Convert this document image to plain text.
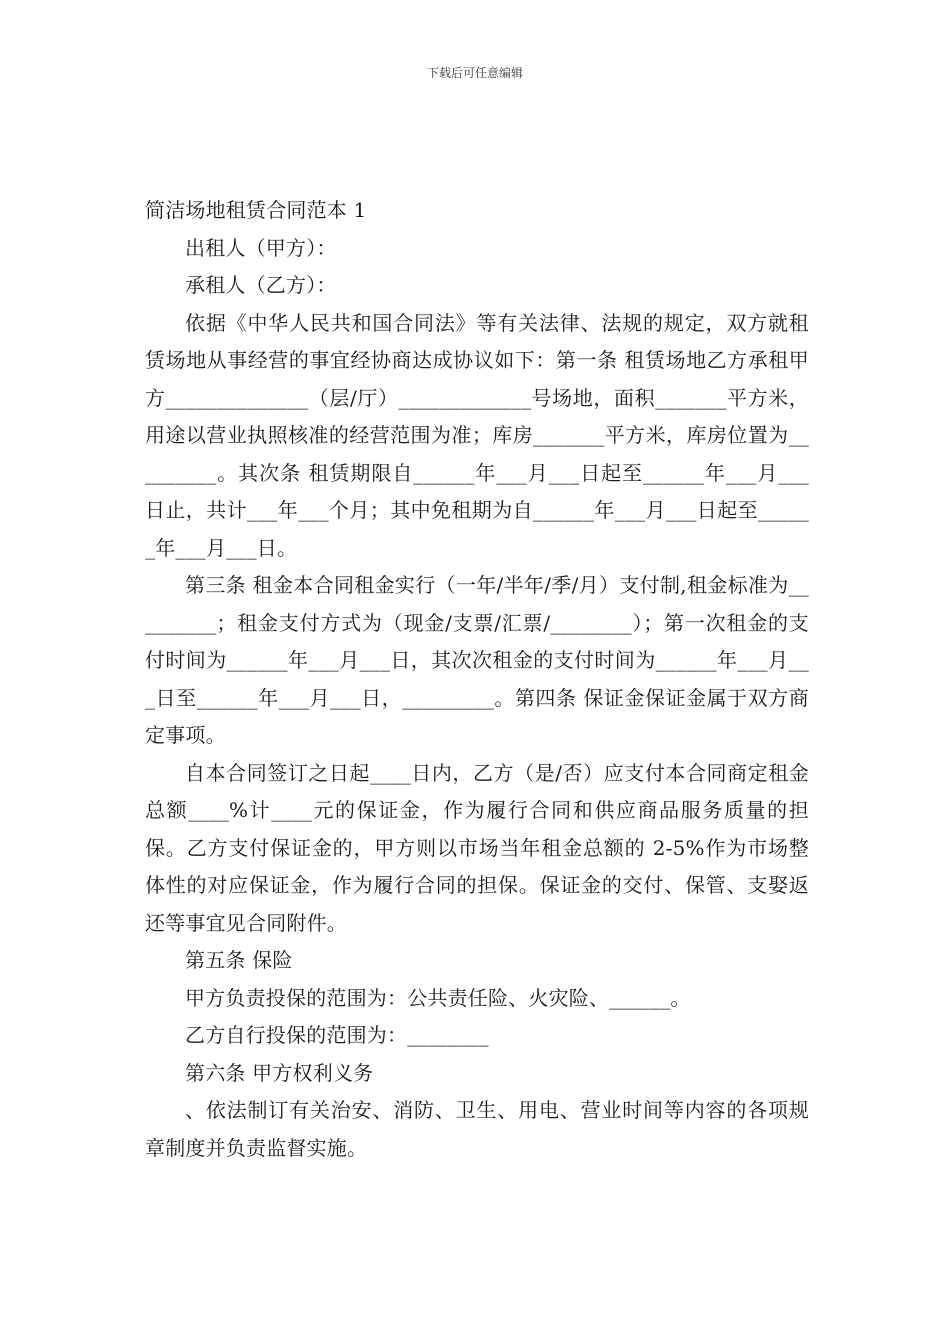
下载后可任意编辑

简洁场地租赁合同范本 1

出租人（甲方）：

承租人（乙方）：

依据《中华人民共和国合同法》等有关法律、法规的规定，双方就租赁场地从事经营的事宜经协商达成协议如下：第一条 租赁场地乙方承租甲方______________（层/厅）_____________号场地，面积_______平方米，用途以营业执照核准的经营范围为准；库房_______平方米，库房位置为_________。其次条 租赁期限自______年___月___日起至______年___月___日止，共计___年___个月；其中免租期为自______年___月___日起至______年___月___日。

第三条 租金本合同租金实行（一年/半年/季/月）支付制,租金标准为_________；租金支付方式为（现金/支票/汇票/________）；第一次租金的支付时间为______年___月___日，其次次租金的支付时间为______年___月___日至______年___月___日，_________。第四条 保证金保证金属于双方商定事项。

自本合同签订之日起____日内，乙方（是/否）应支付本合同商定租金总额____%计____元的保证金，作为履行合同和供应商品服务质量的担保。乙方支付保证金的，甲方则以市场当年租金总额的 2-5%作为市场整体性的对应保证金，作为履行合同的担保。保证金的交付、保管、支娶返还等事宜见合同附件。

第五条 保险

甲方负责投保的范围为：公共责任险、火灾险、______。

乙方自行投保的范围为：________

第六条 甲方权利义务

、依法制订有关治安、消防、卫生、用电、营业时间等内容的各项规章制度并负责监督实施。
